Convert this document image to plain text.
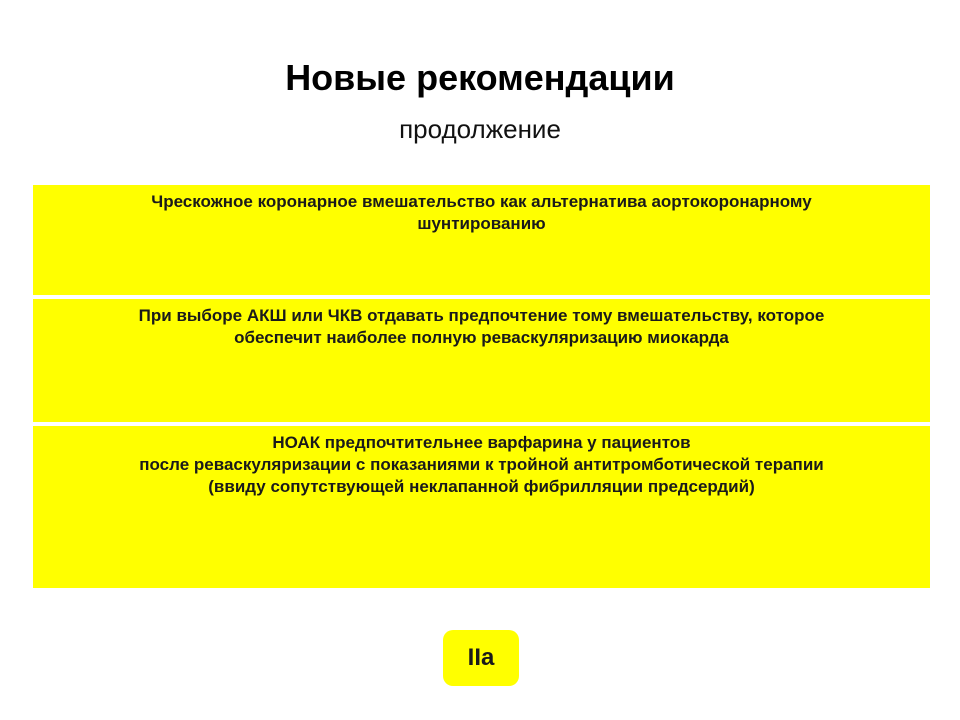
Новые рекомендации
продолжение
Чрескожное коронарное вмешательство как альтернатива аортокоронарному
шунтированию
При выборе АКШ или ЧКВ отдавать предпочтение тому вмешательству, которое
обеспечит наиболее полную реваскуляризацию миокарда
НОАК предпочтительнее варфарина у пациентов
после реваскуляризации с показаниями к тройной антитромботической терапии
(ввиду сопутствующей неклапанной фибрилляции предсердий)
IIa
